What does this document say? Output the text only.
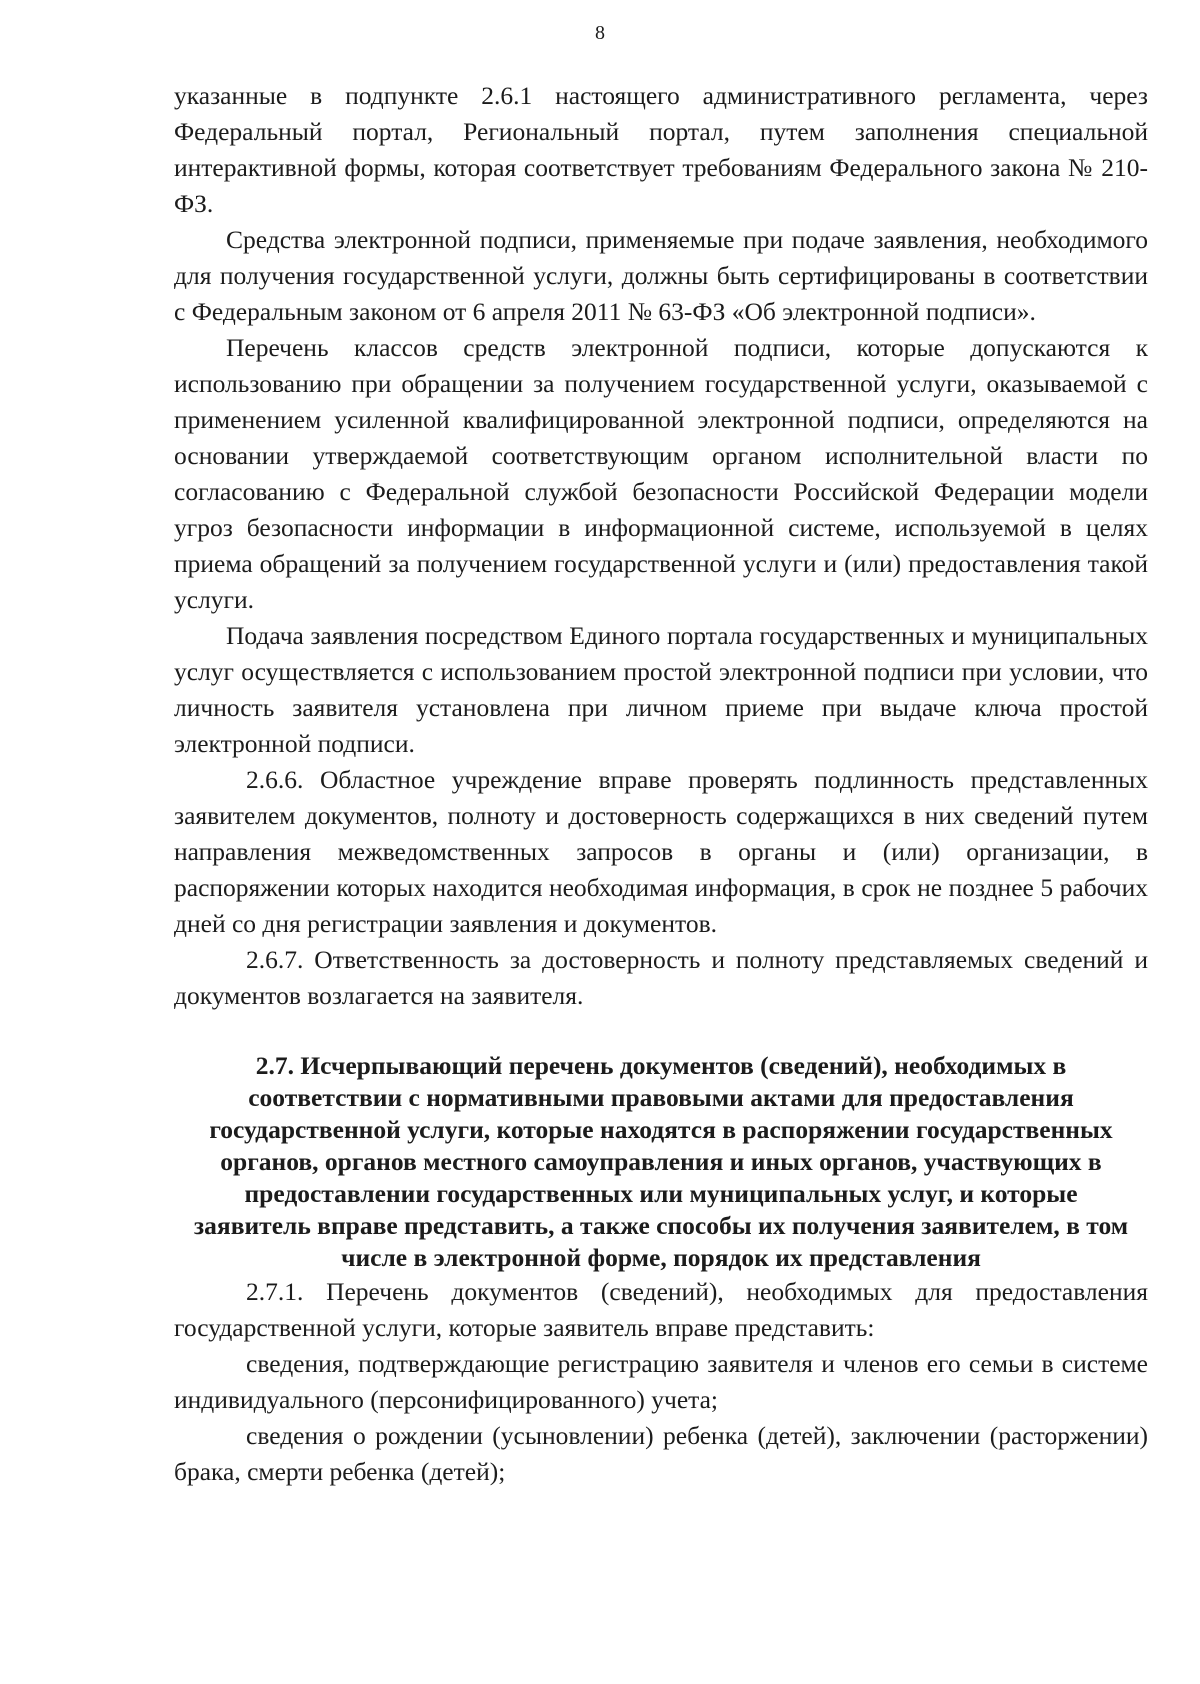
8

указанные в подпункте 2.6.1 настоящего административного регламента, через Федеральный портал, Региональный портал, путем заполнения специальной интерактивной формы, которая соответствует требованиям Федерального закона № 210-ФЗ.

Средства электронной подписи, применяемые при подаче заявления, необходимого для получения государственной услуги, должны быть сертифицированы в соответствии с Федеральным законом от 6 апреля 2011 № 63-ФЗ «Об электронной подписи».

Перечень классов средств электронной подписи, которые допускаются к использованию при обращении за получением государственной услуги, оказываемой с применением усиленной квалифицированной электронной подписи, определяются на основании утверждаемой соответствующим органом исполнительной власти по согласованию с Федеральной службой безопасности Российской Федерации модели угроз безопасности информации в информационной системе, используемой в целях приема обращений за получением государственной услуги и (или) предоставления такой услуги.

Подача заявления посредством Единого портала государственных и муниципальных услуг осуществляется с использованием простой электронной подписи при условии, что личность заявителя установлена при личном приеме при выдаче ключа простой электронной подписи.

2.6.6. Областное учреждение вправе проверять подлинность представленных заявителем документов, полноту и достоверность содержащихся в них сведений путем направления межведомственных запросов в органы и (или) организации, в распоряжении которых находится необходимая информация, в срок не позднее 5 рабочих дней со дня регистрации заявления и документов.

2.6.7. Ответственность за достоверность и полноту представляемых сведений и документов возлагается на заявителя.

2.7. Исчерпывающий перечень документов (сведений), необходимых в соответствии с нормативными правовыми актами для предоставления государственной услуги, которые находятся в распоряжении государственных органов, органов местного самоуправления и иных органов, участвующих в предоставлении государственных или муниципальных услуг, и которые заявитель вправе представить, а также способы их получения заявителем, в том числе в электронной форме, порядок их представления

2.7.1. Перечень документов (сведений), необходимых для предоставления государственной услуги, которые заявитель вправе представить:

сведения, подтверждающие регистрацию заявителя и членов его семьи в системе индивидуального (персонифицированного) учета;

сведения о рождении (усыновлении) ребенка (детей), заключении (расторжении) брака, смерти ребенка (детей);
